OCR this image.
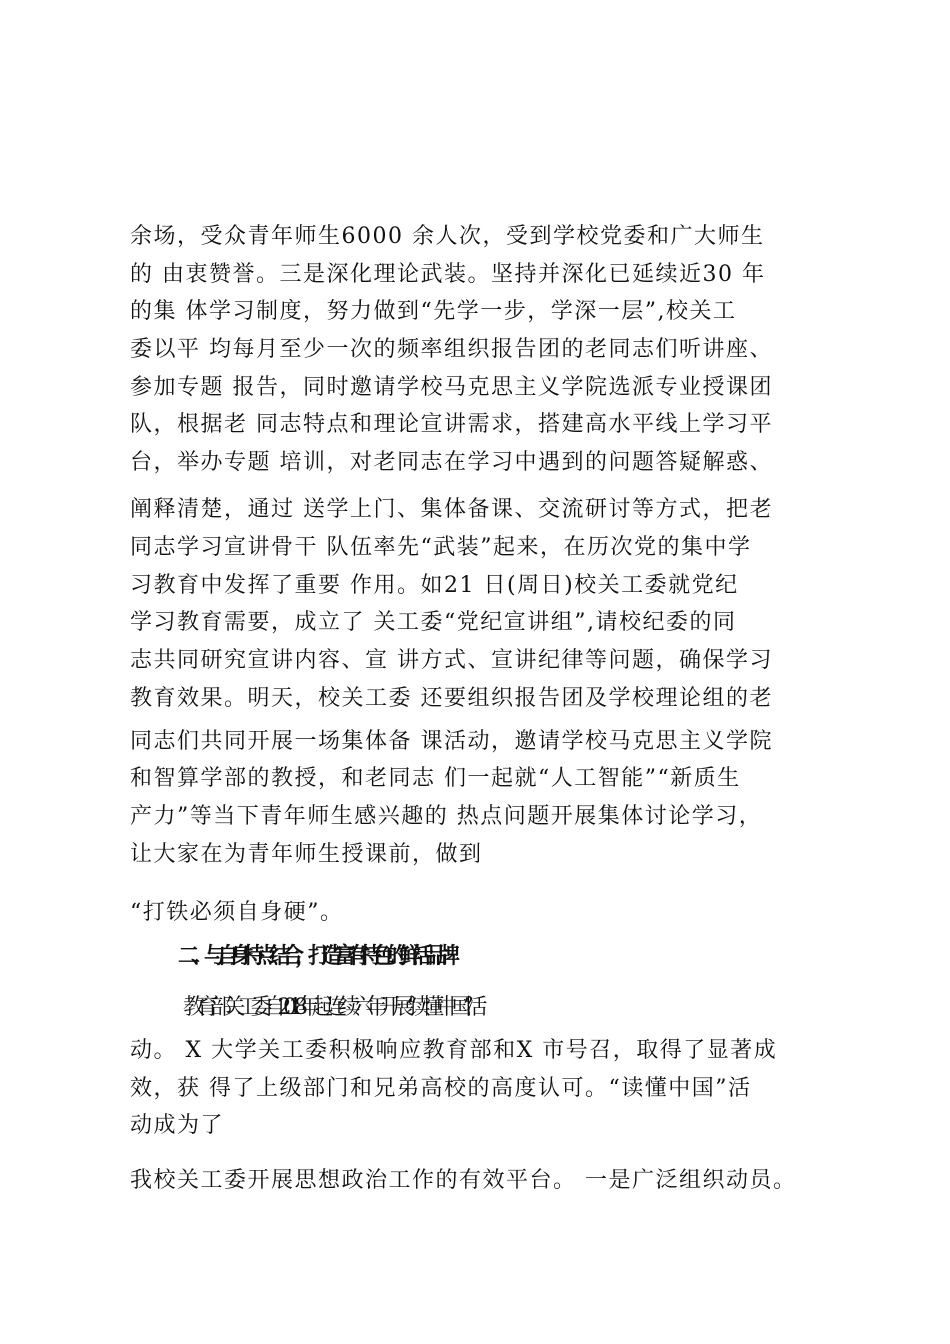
余场，受众青年师生6000 余人次，受到学校党委和广大师生
的 由衷赞誉。三是深化理论武装。坚持并深化已延续近30 年
的集 体学习制度，努力做到“先学一步，学深一层”,校关工
委以平 均每月至少一次的频率组织报告团的老同志们听讲座、
参加专题 报告，同时邀请学校马克思主义学院选派专业授课团
队，根据老 同志特点和理论宣讲需求，搭建高水平线上学习平
台，举办专题 培训，对老同志在学习中遇到的问题答疑解惑、
阐释清楚，通过 送学上门、集体备课、交流研讨等方式，把老
同志学习宣讲骨干 队伍率先“武装”起来，在历次党的集中学
习教育中发挥了重要 作用。如21 日(周日)校关工委就党纪
学习教育需要，成立了 关工委“党纪宣讲组”,请校纪委的同
志共同研究宣讲内容、宣 讲方式、宣讲纪律等问题，确保学习
教育效果。明天，校关工委 还要组织报告团及学校理论组的老
同志们共同开展一场集体备 课活动，邀请学校马克思主义学院
和智算学部的教授，和老同志 们一起就“人工智能”“新质生
产力”等当下青年师生感兴趣的 热点问题开展集体讨论学习，
让大家在为青年师生授课前，做到
“打铁必须自身硬”。
二、与自身特点结合，打造富有特色的鲜活品牌
教育部关工委自2018 年起连续六年开展“读懂中国”活
动。 X 大学关工委积极响应教育部和X 市号召，取得了显著成
效，获 得了上级部门和兄弟高校的高度认可。“读懂中国”活
动成为了
我校关工委开展思想政治工作的有效平台。 一是广泛组织动员。
